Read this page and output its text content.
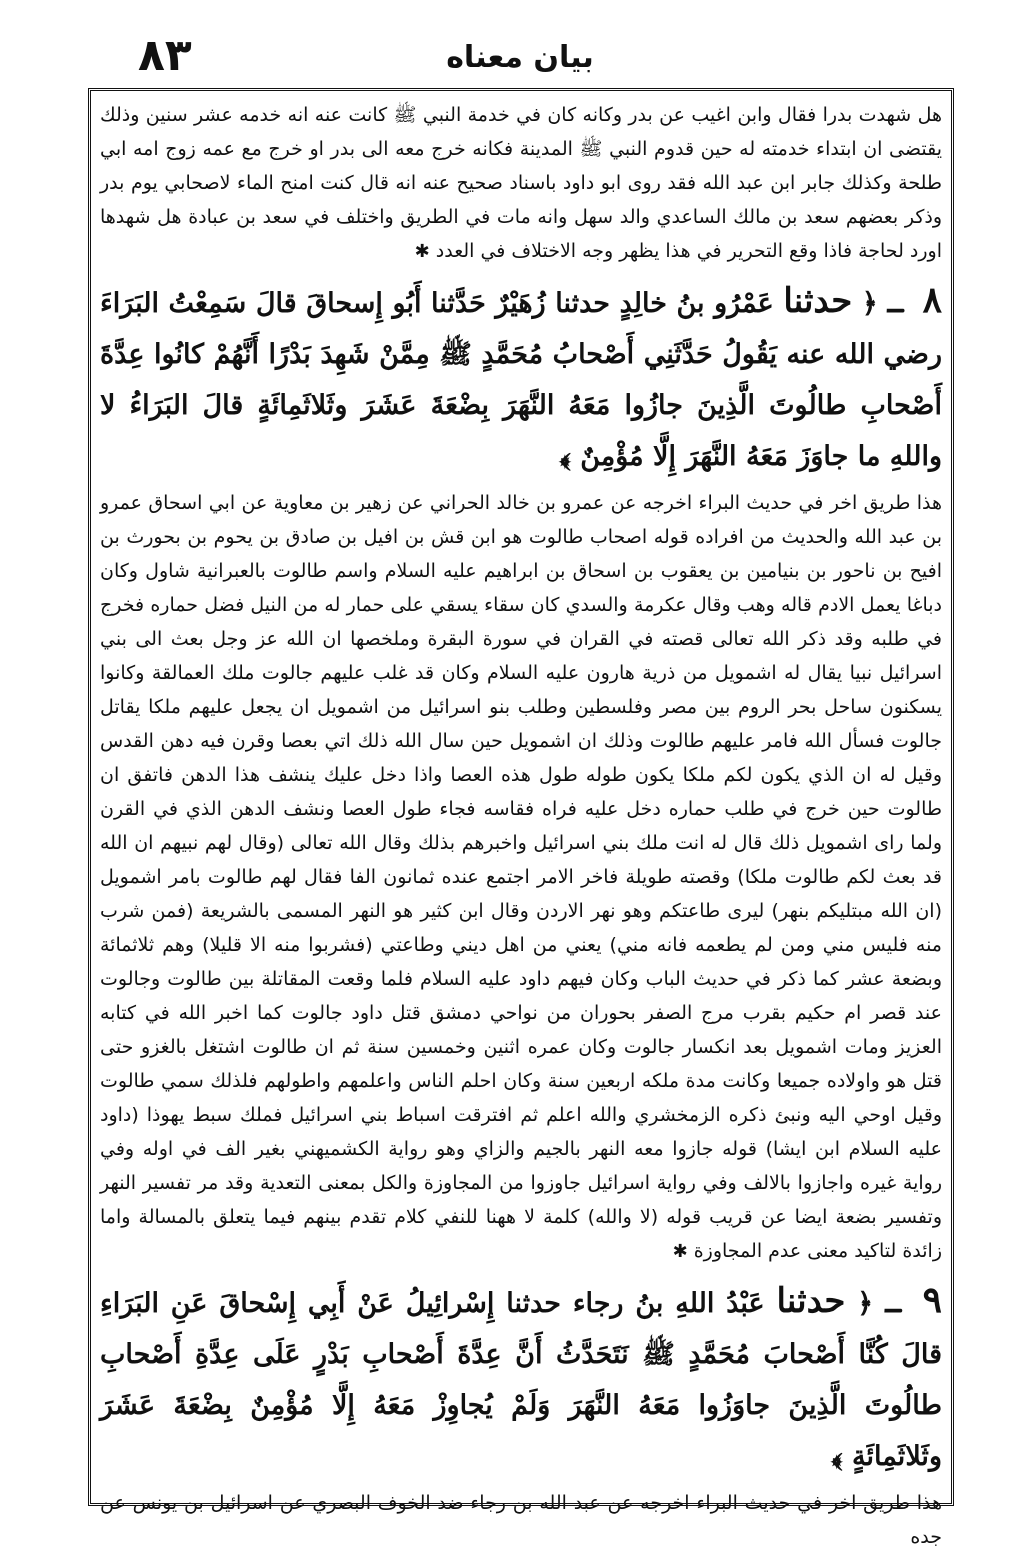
۸۳	بيان معناه

هل شهدت بدرا فقال وابن اغيب عن بدر وكانه كان في خدمة النبي ﷺ كانت عنه انه خدمه عشر سنين وذلك يقتضى ان ابتداء خدمته له حين قدوم النبي ﷺ المدينة فكانه خرج معه الى بدر او خرج مع عمه زوج امه ابي طلحة وكذلك جابر ابن عبد الله فقد روى ابو داود باسناد صحيح عنه انه قال كنت امنح الماء لاصحابي يوم بدر وذكر بعضهم سعد بن مالك الساعدي والد سهل وانه مات في الطريق واختلف في سعد بن عبادة هل شهدها اورد لحاجة فاذا وقع التحرير في هذا يظهر وجه الاختلاف في العدد ✱

٨ ـ ﴿ حدثنا عَمْرُو بنُ خالِدٍ حدثنا زُهَيْرٌ حَدَّثنا أَبُو إِسحاقَ قالَ سَمِعْتُ البَرَاءَ رضي الله عنه يَقُولُ حَدَّثَنِي أَصْحابُ مُحَمَّدٍ ﷺ مِمَّنْ شَهِدَ بَدْرًا أَنَّهُمْ كانُوا عِدَّةَ أَصْحابِ طالُوتَ الَّذِينَ جازُوا مَعَهُ النَّهَرَ بِضْعَةَ عَشَرَ وثَلاثَمِائَةٍ قالَ البَرَاءُ لا واللهِ ما جاوَزَ مَعَهُ النَّهَرَ إِلَّا مُؤْمِنٌ ﴾

هذا طريق اخر في حديث البراء اخرجه عن عمرو بن خالد الحراني عن زهير بن معاوية عن ابي اسحاق عمرو بن عبد الله والحديث من افراده قوله اصحاب طالوت هو ابن قش بن افيل بن صادق بن يحوم بن بحورث بن افيح بن ناحور بن بنيامين بن يعقوب بن اسحاق بن ابراهيم عليه السلام واسم طالوت بالعبرانية شاول وكان دباغا يعمل الادم قاله وهب وقال عكرمة والسدي كان سقاء يسقي على حمار له من النيل فضل حماره فخرج في طلبه وقد ذكر الله تعالى قصته في القران في سورة البقرة وملخصها ان الله عز وجل بعث الى بني اسرائيل نبيا يقال له اشمويل من ذرية هارون عليه السلام وكان قد غلب عليهم جالوت ملك العمالقة وكانوا يسكنون ساحل بحر الروم بين مصر وفلسطين وطلب بنو اسرائيل من اشمويل ان يجعل عليهم ملكا يقاتل جالوت فسأل الله فامر عليهم طالوت وذلك ان اشمويل حين سال الله ذلك اتي بعصا وقرن فيه دهن القدس وقيل له ان الذي يكون لكم ملكا يكون طوله طول هذه العصا واذا دخل عليك ينشف هذا الدهن فاتفق ان طالوت حين خرج في طلب حماره دخل عليه فراه فقاسه فجاء طول العصا ونشف الدهن الذي في القرن ولما راى اشمويل ذلك قال له انت ملك بني اسرائيل واخبرهم بذلك وقال الله تعالى (وقال لهم نبيهم ان الله قد بعث لكم طالوت ملكا) وقصته طويلة فاخر الامر اجتمع عنده ثمانون الفا فقال لهم طالوت بامر اشمويل (ان الله مبتليكم بنهر) ليرى طاعتكم وهو نهر الاردن وقال ابن كثير هو النهر المسمى بالشريعة (فمن شرب منه فليس مني ومن لم يطعمه فانه مني) يعني من اهل ديني وطاعتي (فشربوا منه الا قليلا) وهم ثلاثمائة وبضعة عشر كما ذكر في حديث الباب وكان فيهم داود عليه السلام فلما وقعت المقاتلة بين طالوت وجالوت عند قصر ام حكيم بقرب مرج الصفر بحوران من نواحي دمشق قتل داود جالوت كما اخبر الله في كتابه العزيز ومات اشمويل بعد انكسار جالوت وكان عمره اثنين وخمسين سنة ثم ان طالوت اشتغل بالغزو حتى قتل هو واولاده جميعا وكانت مدة ملكه اربعين سنة وكان احلم الناس واعلمهم واطولهم فلذلك سمي طالوت وقيل اوحي اليه ونبئ ذكره الزمخشري والله اعلم ثم افترقت اسباط بني اسرائيل فملك سبط يهوذا (داود عليه السلام ابن ايشا) قوله جازوا معه النهر بالجيم والزاي وهو رواية الكشميهني بغير الف في اوله وفي رواية غيره واجازوا بالالف وفي رواية اسرائيل جاوزوا من المجاوزة والكل بمعنى التعدية وقد مر تفسير النهر وتفسير بضعة ايضا عن قريب قوله (لا والله) كلمة لا ههنا للنفي كلام تقدم بينهم فيما يتعلق بالمسالة واما زائدة لتاكيد معنى عدم المجاوزة ✱

٩ ـ ﴿ حدثنا عَبْدُ اللهِ بنُ رجاء حدثنا إِسْرائِيلُ عَنْ أَبِي إِسْحاقَ عَنِ البَرَاءِ قالَ كُنَّا أَصْحابَ مُحَمَّدٍ ﷺ نَتَحَدَّثُ أَنَّ عِدَّةَ أَصْحابِ بَدْرٍ عَلَى عِدَّةِ أَصْحابِ طالُوتَ الَّذِينَ جاوَزُوا مَعَهُ النَّهَرَ وَلَمْ يُجاوِزْ مَعَهُ إِلَّا مُؤْمِنٌ بِضْعَةَ عَشَرَ وثَلاثَمِائَةٍ ﴾

هذا طريق اخر في حديث البراء اخرجه عن عبد الله بن رجاء ضد الخوف البصري عن اسرائيل بن يونس عن جده
